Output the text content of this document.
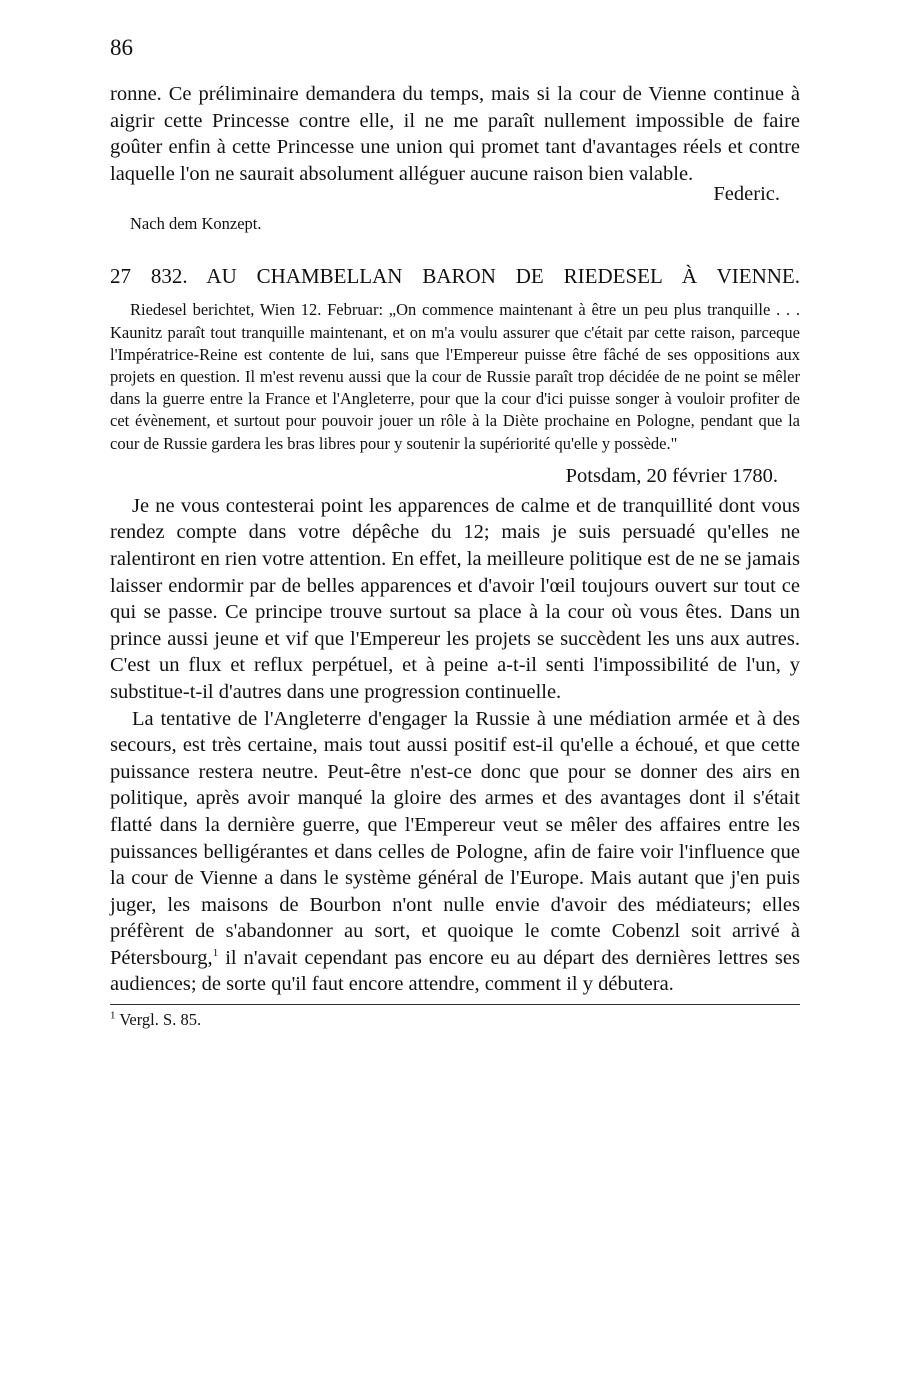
86

ronne. Ce préliminaire demandera du temps, mais si la cour de Vienne continue à aigrir cette Princesse contre elle, il ne me paraît nullement impossible de faire goûter enfin à cette Princesse une union qui promet tant d'avantages réels et contre laquelle l'on ne saurait absolument alléguer aucune raison bien valable.

Federic.
Nach dem Konzept.
27 832. AU CHAMBELLAN BARON DE RIEDESEL À VIENNE.

Riedesel berichtet, Wien 12. Februar: „On commence maintenant à être un peu plus tranquille . . . Kaunitz paraît tout tranquille maintenant, et on m'a voulu assurer que c'était par cette raison, parceque l'Impératrice-Reine est contente de lui, sans que l'Empereur puisse être fâché de ses oppositions aux projets en question. Il m'est revenu aussi que la cour de Russie paraît trop décidée de ne point se mêler dans la guerre entre la France et l'Angleterre, pour que la cour d'ici puisse songer à vouloir profiter de cet évènement, et surtout pour pouvoir jouer un rôle à la Diète prochaine en Pologne, pendant que la cour de Russie gardera les bras libres pour y soutenir la supériorité qu'elle y possède."

Potsdam, 20 février 1780.

Je ne vous contesterai point les apparences de calme et de tranquillité dont vous rendez compte dans votre dépêche du 12; mais je suis persuadé qu'elles ne ralentiront en rien votre attention. En effet, la meilleure politique est de ne se jamais laisser endormir par de belles apparences et d'avoir l'œil toujours ouvert sur tout ce qui se passe. Ce principe trouve surtout sa place à la cour où vous êtes. Dans un prince aussi jeune et vif que l'Empereur les projets se succèdent les uns aux autres. C'est un flux et reflux perpétuel, et à peine a-t-il senti l'impossibilité de l'un, y substitue-t-il d'autres dans une progression continuelle.

La tentative de l'Angleterre d'engager la Russie à une médiation armée et à des secours, est très certaine, mais tout aussi positif est-il qu'elle a échoué, et que cette puissance restera neutre. Peut-être n'est-ce donc que pour se donner des airs en politique, après avoir manqué la gloire des armes et des avantages dont il s'était flatté dans la dernière guerre, que l'Empereur veut se mêler des affaires entre les puissances belligérantes et dans celles de Pologne, afin de faire voir l'influence que la cour de Vienne a dans le système général de l'Europe. Mais autant que j'en puis juger, les maisons de Bourbon n'ont nulle envie d'avoir des médiateurs; elles préfèrent de s'abandonner au sort, et quoique le comte Cobenzl soit arrivé à Pétersbourg,$^1$ il n'avait cependant pas encore eu au départ des dernières lettres ses audiences; de sorte qu'il faut encore attendre, comment il y débutera.

$^1$ Vergl. S. 85.
